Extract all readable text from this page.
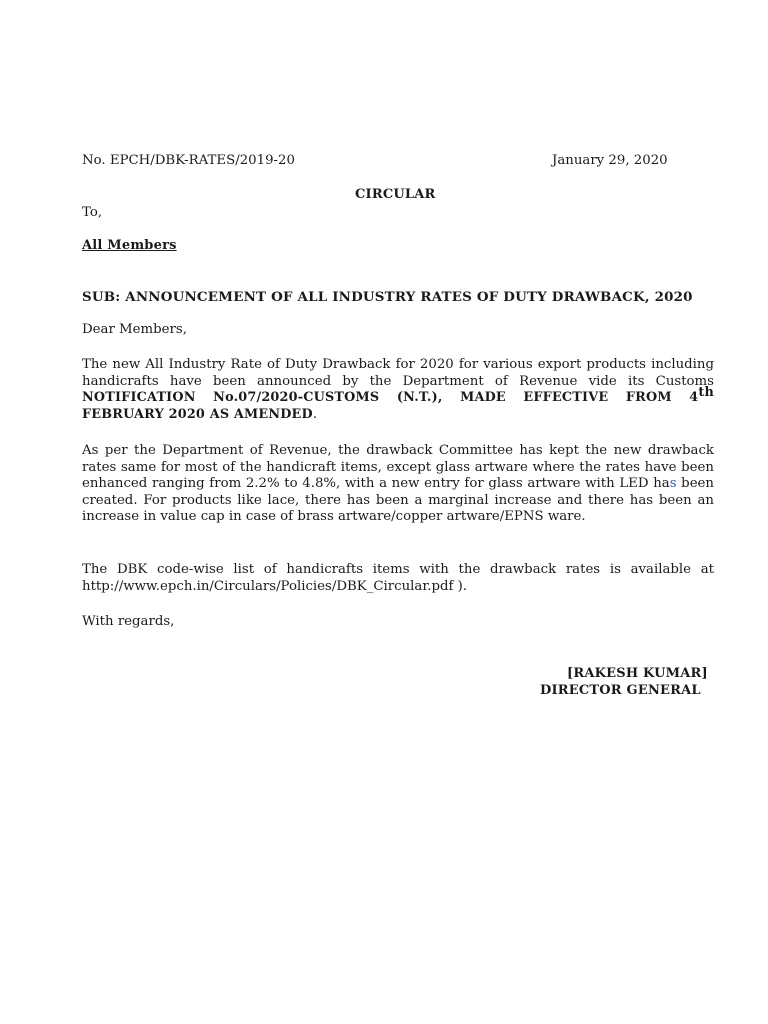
No. EPCH/DBK-RATES/2019-20	January 29, 2020
CIRCULAR
To,
All Members
SUB: ANNOUNCEMENT OF ALL INDUSTRY RATES OF DUTY DRAWBACK, 2020
Dear Members,
The new All Industry Rate of Duty Drawback for 2020 for various export products including handicrafts have been announced by the Department of Revenue vide its Customs NOTIFICATION No.07/2020-CUSTOMS (N.T.), MADE EFFECTIVE FROM 4th FEBRUARY 2020 AS AMENDED.
As per the Department of Revenue, the drawback Committee has kept the new drawback rates same for most of the handicraft items, except glass artware where the rates have been enhanced ranging from 2.2% to 4.8%, with a new entry for glass artware with LED has been created. For products like lace, there has been a marginal increase and there has been an increase in value cap in case of brass artware/copper artware/EPNS ware.
The DBK code-wise list of handicrafts items with the drawback rates is available at http://www.epch.in/Circulars/Policies/DBK_Circular.pdf ).
With regards,
[RAKESH KUMAR]
DIRECTOR GENERAL
